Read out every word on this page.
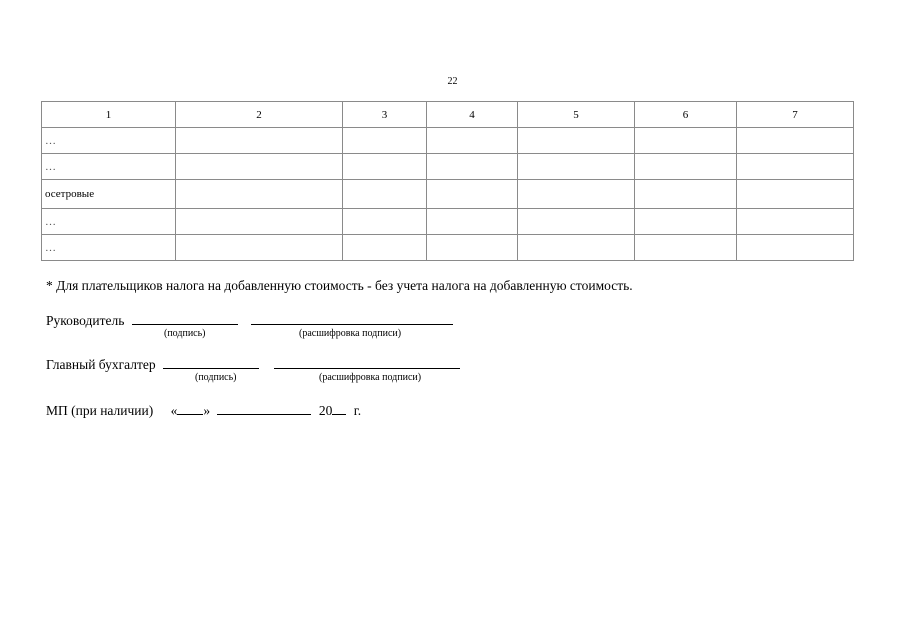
22
1	2	3	4	5	6	7
…						
…						
осетровые						
…						
…						
* Для плательщиков налога на добавленную стоимость - без учета налога на добавленную стоимость.
Руководитель
(подпись)	(расшифровка подписи)
Главный бухгалтер
(подпись)	(расшифровка подписи)
МП (при наличии) « »	20 г.
